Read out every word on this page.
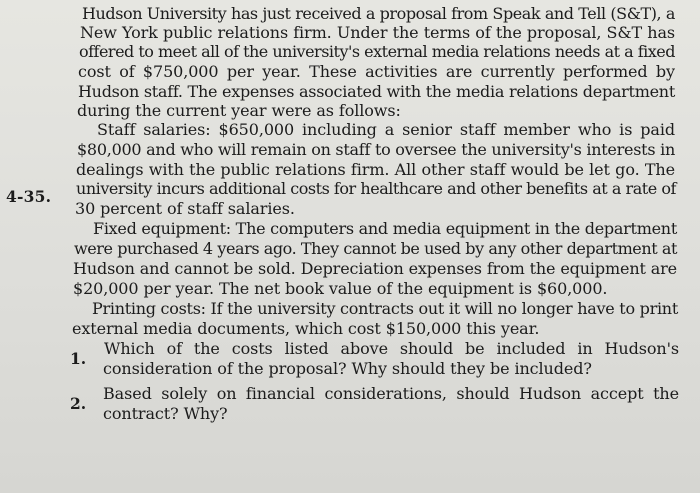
4-35.
Hudson University has just received a proposal from Speak and Tell (S&T), a
New York public relations firm. Under the terms of the proposal, S&T has
offered to meet all of the university's external media relations needs at a fixed
cost of $750,000 per year. These activities are currently performed by
Hudson staff. The expenses associated with the media relations department
during the current year were as follows:
Staff salaries: $650,000 including a senior staff member who is paid
$80,000 and who will remain on staff to oversee the university's interests in
dealings with the public relations firm. All other staff would be let go. The
university incurs additional costs for healthcare and other benefits at a rate of
30 percent of staff salaries.
Fixed equipment: The computers and media equipment in the department
were purchased 4 years ago. They cannot be used by any other department at
Hudson and cannot be sold. Depreciation expenses from the equipment are
$20,000 per year. The net book value of the equipment is $60,000.
Printing costs: If the university contracts out it will no longer have to print
external media documents, which cost $150,000 this year.
1.
Which of the costs listed above should be included in Hudson's
consideration of the proposal? Why should they be included?
2.
Based solely on financial considerations, should Hudson accept the
contract? Why?
